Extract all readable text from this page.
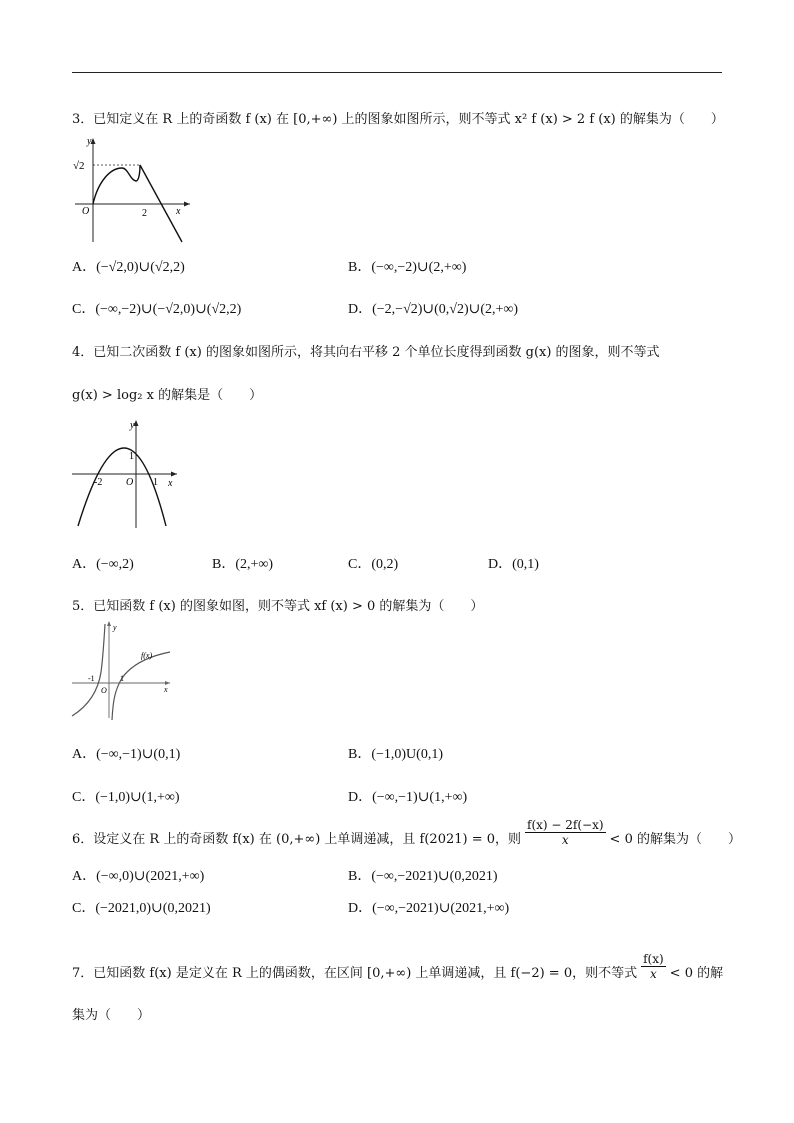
3．已知定义在 R 上的奇函数 f (x) 在 [0,+∞) 上的图象如图所示，则不等式 x² f (x) > 2 f (x) 的解集为（　　）
y
x
O
√2
2
A．(−√2,0)∪(√2,2)	B．(−∞,−2)∪(2,+∞)
C．(−∞,−2)∪(−√2,0)∪(√2,2)	D．(−2,−√2)∪(0,√2)∪(2,+∞)
4．已知二次函数 f (x) 的图象如图所示，将其向右平移 2 个单位长度得到函数 g(x) 的图象，则不等式
g(x) > log₂ x 的解集是（　　）
y
x
O
-2	1
1
A．(−∞,2)	B．(2,+∞)	C．(0,2)	D．(0,1)
5．已知函数 f (x) 的图象如图，则不等式 xf (x) > 0 的解集为（　　）
y
x
O
-1	1
f(x)
A．(−∞,−1)∪(0,1)	B．(−1,0)U(0,1)
C．(−1,0)∪(1,+∞)	D．(−∞,−1)∪(1,+∞)
6．设定义在 R 上的奇函数 f(x) 在 (0,+∞) 上单调递减，且 f(2021) = 0，则 $\frac{f(x) - 2f(-x)}{x} < 0$ 的解集为（　　）
A．(−∞,0)∪(2021,+∞)	B．(−∞,−2021)∪(0,2021)
C．(−2021,0)∪(0,2021)	D．(−∞,−2021)∪(2021,+∞)
7．已知函数 f(x) 是定义在 R 上的偶函数，在区间 [0,+∞) 上单调递减，且 f(−2) = 0，则不等式 $\frac{f(x)}{x} < 0$ 的解
集为（　　）
